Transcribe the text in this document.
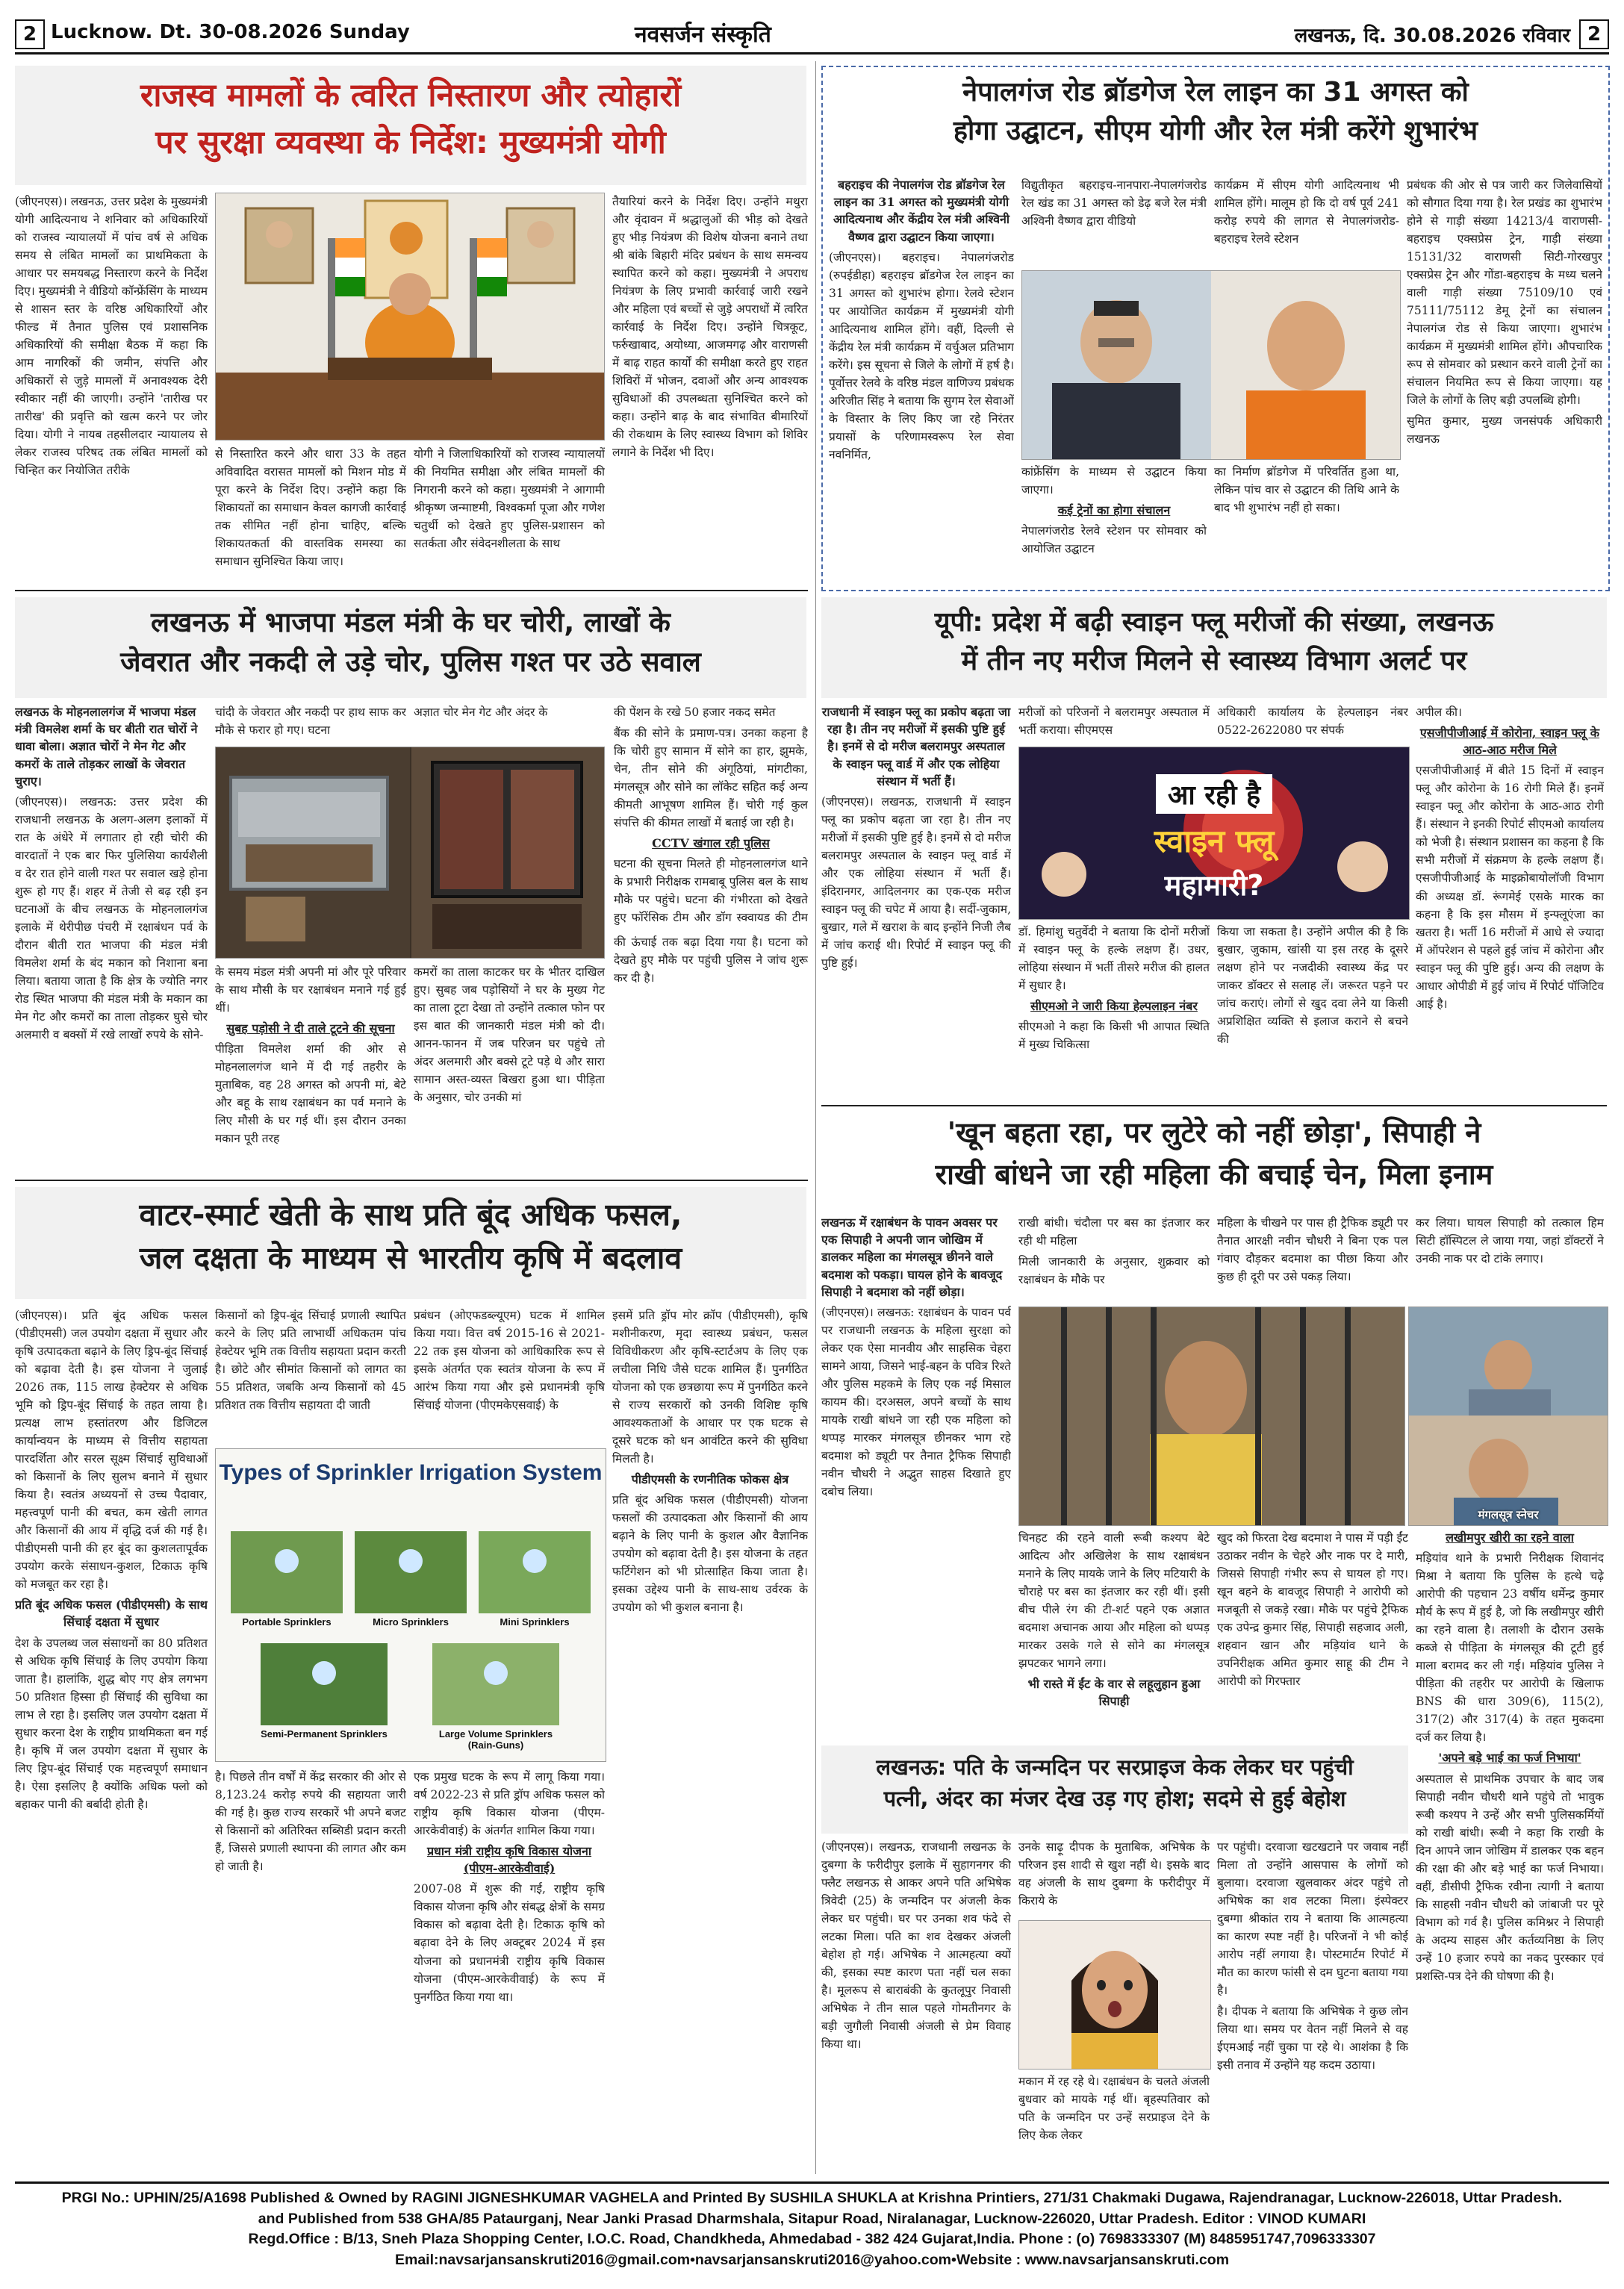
2 Lucknow. Dt. 30-08.2026 Sunday	नवसर्जन संस्कृति	लखनऊ, दि. 30.08.2026 रविवार 2
राजस्व मामलों के त्वरित निस्तारण और त्योहारों
पर सुरक्षा व्यवस्था के निर्देश: मुख्यमंत्री योगी

(जीएनएस)। लखनऊ, उत्तर प्रदेश के मुख्यमंत्री योगी आदित्यनाथ ने शनिवार को अधिकारियों को राजस्व न्यायालयों में पांच वर्ष से अधिक समय से लंबित मामलों का प्राथमिकता के आधार पर समयबद्ध निस्तारण करने के निर्देश दिए। मुख्यमंत्री ने वीडियो कॉन्फ्रेंसिंग के माध्यम से शासन स्तर के वरिष्ठ अधिकारियों और फील्ड में तैनात पुलिस एवं प्रशासनिक अधिकारियों की समीक्षा बैठक में कहा कि आम नागरिकों की जमीन, संपत्ति और अधिकारों से जुड़े मामलों में अनावश्यक देरी स्वीकार नहीं की जाएगी। उन्होंने 'तारीख पर तारीख' की प्रवृत्ति को खत्म करने पर जोर दिया। योगी ने नायब तहसीलदार न्यायालय से लेकर राजस्व परिषद तक लंबित मामलों को चिन्हित कर नियोजित तरीके

से निस्तारित करने और धारा 33 के तहत अविवादित वरासत मामलों को मिशन मोड में पूरा करने के निर्देश दिए। उन्होंने कहा कि शिकायतों का समाधान केवल कागजी कार्रवाई तक सीमित नहीं होना चाहिए, बल्कि शिकायतकर्ता की वास्तविक समस्या का समाधान सुनिश्चित किया जाए।

योगी ने जिलाधिकारियों को राजस्व न्यायालयों की नियमित समीक्षा और लंबित मामलों की निगरानी करने को कहा। मुख्यमंत्री ने आगामी श्रीकृष्ण जन्माष्टमी, विश्वकर्मा पूजा और गणेश चतुर्थी को देखते हुए पुलिस-प्रशासन को सतर्कता और संवेदनशीलता के साथ

तैयारियां करने के निर्देश दिए। उन्होंने मथुरा और वृंदावन में श्रद्धालुओं की भीड़ को देखते हुए भीड़ नियंत्रण की विशेष योजना बनाने तथा श्री बांके बिहारी मंदिर प्रबंधन के साथ समन्वय स्थापित करने को कहा। मुख्यमंत्री ने अपराध नियंत्रण के लिए प्रभावी कार्रवाई जारी रखने और महिला एवं बच्चों से जुड़े अपराधों में त्वरित कार्रवाई के निर्देश दिए। उन्होंने चित्रकूट, फर्रुखाबाद, अयोध्या, आजमगढ़ और वाराणसी में बाढ़ राहत कार्यों की समीक्षा करते हुए राहत शिविरों में भोजन, दवाओं और अन्य आवश्यक सुविधाओं की उपलब्धता सुनिश्चित करने को कहा। उन्होंने बाढ़ के बाद संभावित बीमारियों की रोकथाम के लिए स्वास्थ्य विभाग को शिविर लगाने के निर्देश भी दिए।

लखनऊ में भाजपा मंडल मंत्री के घर चोरी, लाखों के
जेवरात और नकदी ले उड़े चोर, पुलिस गश्त पर उठे सवाल

लखनऊ के मोहनलालगंज में भाजपा मंडल मंत्री विमलेश शर्मा के घर बीती रात चोरों ने धावा बोला। अज्ञात चोरों ने मेन गेट और कमरों के ताले तोड़कर लाखों के जेवरात चुराए।

(जीएनएस)। लखनऊ: उत्तर प्रदेश की राजधानी लखनऊ के अलग-अलग इलाकों में रात के अंधेरे में लगातार हो रही चोरी की वारदातों ने एक बार फिर पुलिसिया कार्यशैली व देर रात होने वाली गश्त पर सवाल खड़े होना शुरू हो गए हैं। शहर में तेजी से बढ़ रही इन घटनाओं के बीच लखनऊ के मोहनलालगंज इलाके में थेरीपीछ पंचरी में रक्षाबंधन पर्व के दौरान बीती रात भाजपा की मंडल मंत्री विमलेश शर्मा के बंद मकान को निशाना बना लिया। बताया जाता है कि क्षेत्र के ज्योति नगर रोड स्थित भाजपा की मंडल मंत्री के मकान का मेन गेट और कमरों का ताला तोड़कर घुसे चोर अलमारी व बक्सों में रखे लाखों रुपये के सोने-

चांदी के जेवरात और नकदी पर हाथ साफ कर मौके से फरार हो गए। घटना

अज्ञात चोर मेन गेट और अंदर के	की पेंशन के रखे 50 हजार नकद समेत

बैंक की सोने के प्रमाण-पत्र। उनका कहना है कि चोरी हुए सामान में सोने का हार, झुमके, चेन, तीन सोने की अंगूठियां, मांगटीका, मंगलसूत्र और सोने का लॉकेट सहित कई अन्य कीमती आभूषण शामिल हैं। चोरी गई कुल संपत्ति की कीमत लाखों में बताई जा रही है।

CCTV खंगाल रही पुलिस

घटना की सूचना मिलते ही मोहनलालगंज थाने के प्रभारी निरीक्षक रामबाबू पुलिस बल के साथ मौके पर पहुंचे। घटना की गंभीरता को देखते हुए फॉरेंसिक टीम और डॉग स्क्वायड की टीम

के समय मंडल मंत्री अपनी मां और पूरे परिवार के साथ मौसी के घर रक्षाबंधन मनाने गई हुई थीं।

सुबह पड़ोसी ने दी ताले टूटने की सूचना

पीड़िता विमलेश शर्मा की ओर से मोहनलालगंज थाने में दी गई तहरीर के मुताबिक, वह 28 अगस्त को अपनी मां, बेटे और बहू के साथ रक्षाबंधन का पर्व मनाने के लिए मौसी के घर गई थीं। इस दौरान उनका मकान पूरी तरह

कमरों का ताला काटकर घर के भीतर दाखिल हुए। सुबह जब पड़ोसियों ने घर के मुख्य गेट का ताला टूटा देखा तो उन्होंने तत्काल फोन पर इस बात की जानकारी मंडल मंत्री को दी। आनन-फानन में जब परिजन घर पहुंचे तो अंदर अलमारी और बक्से टूटे पड़े थे और सारा सामान अस्त-व्यस्त बिखरा हुआ था। पीड़िता के अनुसार, चोर उनकी मां

की ऊंचाई तक बढ़ा दिया गया है। घटना को देखते हुए मौके पर पहुंची पुलिस ने जांच शुरू कर दी है।

वाटर-स्मार्ट खेती के साथ प्रति बूंद अधिक फसल,
जल दक्षता के माध्यम से भारतीय कृषि में बदलाव

(जीएनएस)। प्रति बूंद अधिक फसल (पीडीएमसी) जल उपयोग दक्षता में सुधार और कृषि उत्पादकता बढ़ाने के लिए ड्रिप-बूंद सिंचाई को बढ़ावा देती है। इस योजना ने जुलाई 2026 तक, 115 लाख हेक्टेयर से अधिक भूमि को ड्रिप-बूंद सिंचाई के तहत लाया है। प्रत्यक्ष लाभ हस्तांतरण और डिजिटल कार्यान्वयन के माध्यम से वित्तीय सहायता पारदर्शिता और सरल सूक्ष्म सिंचाई सुविधाओं को किसानों के लिए सुलभ बनाने में सुधार किया है। स्वतंत्र अध्ययनों से उच्च पैदावार, महत्त्वपूर्ण पानी की बचत, कम खेती लागत और किसानों की आय में वृद्धि दर्ज की गई है। पीडीएमसी पानी की हर बूंद का कुशलतापूर्वक उपयोग करके संसाधन-कुशल, टिकाऊ कृषि को मजबूत कर रहा है।

प्रति बूंद अधिक फसल (पीडीएमसी) के साथ सिंचाई दक्षता में सुधार

देश के उपलब्ध जल संसाधनों का 80 प्रतिशत से अधिक कृषि सिंचाई के लिए उपयोग किया जाता है। हालांकि, शुद्ध बोए गए क्षेत्र लगभग 50 प्रतिशत हिस्सा ही सिंचाई की सुविधा का लाभ ले रहा है। इसलिए जल उपयोग दक्षता में सुधार करना देश के राष्ट्रीय प्राथमिकता बन गई है। कृषि में जल उपयोग दक्षता में सुधार के लिए ड्रिप-बूंद सिंचाई एक महत्त्वपूर्ण समाधान है। ऐसा इसलिए है क्योंकि अधिक फ्लो को बहाकर पानी की बर्बादी होती है।

किसानों को ड्रिप-बूंद सिंचाई प्रणाली स्थापित करने के लिए प्रति लाभार्थी अधिकतम पांच हेक्टेयर भूमि तक वित्तीय सहायता प्रदान करती है। छोटे और सीमांत किसानों को लागत का 55 प्रतिशत, जबकि अन्य किसानों को 45 प्रतिशत तक वित्तीय सहायता दी जाती

प्रबंधन (ओएफडब्ल्यूएम) घटक में शामिल किया गया। वित्त वर्ष 2015-16 से 2021-22 तक इस योजना को आधिकारिक रूप से इसके अंतर्गत एक स्वतंत्र योजना के रूप में आरंभ किया गया और इसे प्रधानमंत्री कृषि सिंचाई योजना (पीएमकेएसवाई) के

Types of Sprinkler Irrigation System
Portable Sprinklers	Micro Sprinklers	Mini Sprinklers
Semi-Permanent Sprinklers	Large Volume Sprinklers (Rain-Guns)

इसमें प्रति ड्रॉप मोर क्रॉप (पीडीएमसी), कृषि मशीनीकरण, मृदा स्वास्थ्य प्रबंधन, फसल विविधीकरण और कृषि-स्टार्टअप के लिए एक लचीला निधि जैसे घटक शामिल हैं। पुनर्गठित योजना को एक छत्रछाया रूप में पुनर्गठित करने से राज्य सरकारों को उनकी विशिष्ट कृषि आवश्यकताओं के आधार पर एक घटक से दूसरे घटक को धन आवंटित करने की सुविधा मिलती है।

पीडीएमसी के रणनीतिक फोकस क्षेत्र

प्रति बूंद अधिक फसल (पीडीएमसी) योजना फसलों की उत्पादकता और किसानों की आय बढ़ाने के लिए पानी के कुशल और वैज्ञानिक उपयोग को बढ़ावा देती है। इस योजना के तहत फर्टिगेशन को भी प्रोत्साहित किया जाता है। इसका उद्देश्य पानी के साथ-साथ उर्वरक के उपयोग को भी कुशल बनाना है।

है। पिछले तीन वर्षों में केंद्र सरकार की ओर से 8,123.24 करोड़ रुपये की सहायता जारी की गई है। कुछ राज्य सरकारें भी अपने बजट से किसानों को अतिरिक्त सब्सिडी प्रदान करती हैं, जिससे प्रणाली स्थापना की लागत और कम हो जाती है।

एक प्रमुख घटक के रूप में लागू किया गया। वर्ष 2022-23 से प्रति ड्रॉप अधिक फसल को राष्ट्रीय कृषि विकास योजना (पीएम-आरकेवीवाई) के अंतर्गत शामिल किया गया।

प्रधान मंत्री राष्ट्रीय कृषि विकास योजना (पीएम-आरकेवीवाई)

2007-08 में शुरू की गई, राष्ट्रीय कृषि विकास योजना कृषि और संबद्ध क्षेत्रों के समग्र विकास को बढ़ावा देती है। टिकाऊ कृषि को बढ़ावा देने के लिए अक्टूबर 2024 में इस योजना को प्रधानमंत्री राष्ट्रीय कृषि विकास योजना (पीएम-आरकेवीवाई) के रूप में पुनर्गठित किया गया था।

नेपालगंज रोड ब्रॉडगेज रेल लाइन का 31 अगस्त को
होगा उद्घाटन, सीएम योगी और रेल मंत्री करेंगे शुभारंभ

बहराइच की नेपालगंज रोड ब्रॉडगेज रेल लाइन का 31 अगस्त को मुख्यमंत्री योगी आदित्यनाथ और केंद्रीय रेल मंत्री अश्विनी वैष्णव द्वारा उद्घाटन किया जाएगा।

(जीएनएस)। बहराइच। नेपालगंजरोड (रुपईडीहा) बहराइच ब्रॉडगेज रेल लाइन का 31 अगस्त को शुभारंभ होगा। रेलवे स्टेशन पर आयोजित कार्यक्रम में मुख्यमंत्री योगी आदित्यनाथ शामिल होंगे। वहीं, दिल्ली से केंद्रीय रेल मंत्री कार्यक्रम में वर्चुअल प्रतिभाग करेंगे। इस सूचना से जिले के लोगों में हर्ष है। पूर्वोत्तर रेलवे के वरिष्ठ मंडल वाणिज्य प्रबंधक अरिजीत सिंह ने बताया कि सुगम रेल सेवाओं के विस्तार के लिए किए जा रहे निरंतर प्रयासों के परिणामस्वरूप रेल सेवा नवनिर्मित,

विद्युतीकृत बहराइच-नानपारा-नेपालगंजरोड रेल खंड का 31 अगस्त को डेढ़ बजे रेल मंत्री अश्विनी वैष्णव द्वारा वीडियो

कार्यक्रम में सीएम योगी आदित्यनाथ भी शामिल होंगे। मालूम हो कि दो वर्ष पूर्व 241 करोड़ रुपये की लागत से नेपालगंजरोड-बहराइच रेलवे स्टेशन

कांफ्रेंसिंग के माध्यम से उद्घाटन किया जाएगा।

कई ट्रेनों का होगा संचालन

नेपालगंजरोड रेलवे स्टेशन पर सोमवार को आयोजित उद्घाटन

का निर्माण ब्रॉडगेज में परिवर्तित हुआ था, लेकिन पांच वार से उद्घाटन की तिथि आने के बाद भी शुभारंभ नहीं हो सका।

प्रबंधक की ओर से पत्र जारी कर जिलेवासियों को सौगात दिया गया है। रेल प्रखंड का शुभारंभ होने से गाड़ी संख्या 14213/4 वाराणसी-बहराइच एक्सप्रेस ट्रेन, गाड़ी संख्या 15131/32 वाराणसी सिटी-गोरखपुर एक्सप्रेस ट्रेन और गोंडा-बहराइच के मध्य चलने वाली गाड़ी संख्या 75109/10 एवं 75111/75112 डेमू ट्रेनों का संचालन नेपालगंज रोड से किया जाएगा। शुभारंभ कार्यक्रम में मुख्यमंत्री शामिल होंगे। औपचारिक रूप से सोमवार को प्रस्थान करने वाली ट्रेनों का संचालन नियमित रूप से किया जाएगा। यह जिले के लोगों के लिए बड़ी उपलब्धि होगी।

सुमित कुमार, मुख्य जनसंपर्क अधिकारी लखनऊ

यूपी: प्रदेश में बढ़ी स्वाइन फ्लू मरीजों की संख्या, लखनऊ
में तीन नए मरीज मिलने से स्वास्थ्य विभाग अलर्ट पर

राजधानी में स्वाइन फ्लू का प्रकोप बढ़ता जा रहा है। तीन नए मरीजों में इसकी पुष्टि हुई है। इनमें से दो मरीज बलरामपुर अस्पताल के स्वाइन फ्लू वार्ड में और एक लोहिया संस्थान में भर्ती हैं।

(जीएनएस)। लखनऊ, राजधानी में स्वाइन फ्लू का प्रकोप बढ़ता जा रहा है। तीन नए मरीजों में इसकी पुष्टि हुई है। इनमें से दो मरीज बलरामपुर अस्पताल के स्वाइन फ्लू वार्ड में और एक लोहिया संस्थान में भर्ती हैं। इंदिरानगर, आदिलनगर का एक-एक मरीज स्वाइन फ्लू की चपेट में आया है। सर्दी-जुकाम, बुखार, गले में खराश के बाद इन्होंने निजी लैब में जांच कराई थी। रिपोर्ट में स्वाइन फ्लू की पुष्टि हुई।

मरीजों को परिजनों ने बलरामपुर अस्पताल में भर्ती कराया। सीएमएस

अधिकारी कार्यालय के हेल्पलाइन नंबर 0522-2622080 पर संपर्क

आ रही है
स्वाइन फ्लू
महामारी?

डॉ. हिमांशु चतुर्वेदी ने बताया कि दोनों मरीजों में स्वाइन फ्लू के हल्के लक्षण हैं। उधर, लोहिया संस्थान में भर्ती तीसरे मरीज की हालत में सुधार है।

सीएमओ ने जारी किया हेल्पलाइन नंबर

सीएमओ ने कहा कि किसी भी आपात स्थिति में मुख्य चिकित्सा

किया जा सकता है। उन्होंने अपील की है कि बुखार, जुकाम, खांसी या इस तरह के दूसरे लक्षण होने पर नजदीकी स्वास्थ्य केंद्र पर जाकर डॉक्टर से सलाह लें। जरूरत पड़ने पर जांच कराएं। लोगों से खुद दवा लेने या किसी अप्रशिक्षित व्यक्ति से इलाज कराने से बचने की

अपील की।

एसजीपीजीआई में कोरोना, स्वाइन फ्लू के आठ-आठ मरीज मिले

एसजीपीजीआई में बीते 15 दिनों में स्वाइन फ्लू और कोरोना के 16 रोगी मिले हैं। इनमें स्वाइन फ्लू और कोरोना के आठ-आठ रोगी हैं। संस्थान ने इनकी रिपोर्ट सीएमओ कार्यालय को भेजी है। संस्थान प्रशासन का कहना है कि सभी मरीजों में संक्रमण के हल्के लक्षण हैं। एसजीपीजीआई के माइक्रोबायोलॉजी विभाग की अध्यक्ष डॉ. रूंगमेई एसके मारक का कहना है कि इस मौसम में इन्फ्लूएंजा का खतरा है। भर्ती 16 मरीजों में आधे से ज्यादा में ऑपरेशन से पहले हुई जांच में कोरोना और स्वाइन फ्लू की पुष्टि हुई। अन्य की लक्षण के आधार ओपीडी में हुई जांच में रिपोर्ट पॉजिटिव आई है।

'खून बहता रहा, पर लुटेरे को नहीं छोड़ा', सिपाही ने
राखी बांधने जा रही महिला की बचाई चेन, मिला इनाम

लखनऊ में रक्षाबंधन के पावन अवसर पर एक सिपाही ने अपनी जान जोखिम में डालकर महिला का मंगलसूत्र छीनने वाले बदमाश को पकड़ा। घायल होने के बावजूद सिपाही ने बदमाश को नहीं छोड़ा।

(जीएनएस)। लखनऊ: रक्षाबंधन के पावन पर्व पर राजधानी लखनऊ के महिला सुरक्षा को लेकर एक ऐसा मानवीय और साहसिक चेहरा सामने आया, जिसने भाई-बहन के पवित्र रिश्ते और पुलिस महकमे के लिए एक नई मिसाल कायम की। दरअसल, अपने बच्चों के साथ मायके राखी बांधने जा रही एक महिला को थप्पड़ मारकर मंगलसूत्र छीनकर भाग रहे बदमाश को ड्यूटी पर तैनात ट्रैफिक सिपाही नवीन चौधरी ने अद्भुत साहस दिखाते हुए दबोच लिया।

राखी बांधी। चंदौला पर बस का इंतजार कर रही थी महिला

मिली जानकारी के अनुसार, शुक्रवार को रक्षाबंधन के मौके पर

महिला के चीखने पर पास ही ट्रैफिक ड्यूटी पर तैनात आरक्षी नवीन चौधरी ने बिना एक पल गंवाए दौड़कर बदमाश का पीछा किया और कुछ ही दूरी पर उसे पकड़ लिया।

कर लिया। घायल सिपाही को तत्काल हिम सिटी हॉस्पिटल ले जाया गया, जहां डॉक्टरों ने उनकी नाक पर दो टांके लगाए।

मंगलसूत्र स्नेचर

चिनहट की रहने वाली रूबी कश्यप बेटे आदित्य और अखिलेश के साथ रक्षाबंधन मनाने के लिए मायके जाने के लिए मटियारी के चौराहे पर बस का इंतजार कर रही थीं। इसी बीच पीले रंग की टी-शर्ट पहने एक अज्ञात बदमाश अचानक आया और महिला को थप्पड़ मारकर उसके गले से सोने का मंगलसूत्र झपटकर भागने लगा।

भी रास्ते में ईंट के वार से लहूलुहान हुआ सिपाही

खुद को फिरता देख बदमाश ने पास में पड़ी ईंट उठाकर नवीन के चेहरे और नाक पर दे मारी, जिससे सिपाही गंभीर रूप से घायल हो गए। खून बहने के बावजूद सिपाही ने आरोपी को मजबूती से जकड़े रखा। मौके पर पहुंचे ट्रैफिक एक उपेन्द्र कुमार सिंह, सिपाही सहजाद अली, शहवान खान और मड़ियांव थाने के उपनिरीक्षक अमित कुमार साहू की टीम ने आरोपी को गिरफ्तार

लखीमपुर खीरी का रहने वाला

मड़ियांव थाने के प्रभारी निरीक्षक शिवानंद मिश्रा ने बताया कि पुलिस के हत्थे चढ़े आरोपी की पहचान 23 वर्षीय धर्मेन्द्र कुमार मौर्य के रूप में हुई है, जो कि लखीमपुर खीरी का रहने वाला है। तलाशी के दौरान उसके कब्जे से पीड़िता के मंगलसूत्र की टूटी हुई माला बरामद कर ली गई। मड़ियांव पुलिस ने पीड़िता की तहरीर पर आरोपी के खिलाफ BNS की धारा 309(6), 115(2), 317(2) और 317(4) के तहत मुकदमा दर्ज कर लिया है।

'अपने बड़े भाई का फर्ज निभाया'

अस्पताल से प्राथमिक उपचार के बाद जब सिपाही नवीन चौधरी थाने पहुंचे तो भावुक रूबी कश्यप ने उन्हें और सभी पुलिसकर्मियों को राखी बांधी। रूबी ने कहा कि राखी के दिन आपने जान जोखिम में डालकर एक बहन की रक्षा की और बड़े भाई का फर्ज निभाया। वहीं, डीसीपी ट्रैफिक रवीना त्यागी ने बताया कि साहसी नवीन चौधरी को जांबाजी पर पूरे विभाग को गर्व है। पुलिस कमिश्नर ने सिपाही के अदम्य साहस और कर्तव्यनिष्ठा के लिए उन्हें 10 हजार रुपये का नकद पुरस्कार एवं प्रशस्ति-पत्र देने की घोषणा की है।

लखनऊ: पति के जन्मदिन पर सरप्राइज केक लेकर घर पहुंची
पत्नी, अंदर का मंजर देख उड़ गए होश; सदमे से हुई बेहोश

(जीएनएस)। लखनऊ, राजधानी लखनऊ के दुबग्गा के फरीदीपुर इलाके में सुहागनगर की फ्लैट लखनऊ से आकर अपने पति अभिषेक त्रिवेदी (25) के जन्मदिन पर अंजली केक लेकर घर पहुंची। घर पर उनका शव फंदे से लटका मिला। पति का शव देखकर अंजली बेहोश हो गई। अभिषेक ने आत्महत्या क्यों की, इसका स्पष्ट कारण पता नहीं चल सका है। मूलरूप से बाराबंकी के कुतलूपुर निवासी अभिषेक ने तीन साल पहले गोमतीनगर के बड़ी जुगौली निवासी अंजली से प्रेम विवाह किया था।

उनके साढ़ू दीपक के मुताबिक, अभिषेक के परिजन इस शादी से खुश नहीं थे। इसके बाद वह अंजली के साथ दुबग्गा के फरीदीपुर में किराये के

मकान में रह रहे थे। रक्षाबंधन के चलते अंजली बुधवार को मायके गई थीं। बृहस्पतिवार को पति के जन्मदिन पर उन्हें सरप्राइज देने के लिए केक लेकर

पर पहुंची। दरवाजा खटखटाने पर जवाब नहीं मिला तो उन्होंने आसपास के लोगों को बुलाया। दरवाजा खुलवाकर अंदर पहुंचे तो अभिषेक का शव लटका मिला। इंस्पेक्टर दुबग्गा श्रीकांत राय ने बताया कि आत्महत्या का कारण स्पष्ट नहीं है। परिजनों ने भी कोई आरोप नहीं लगाया है। पोस्टमार्टम रिपोर्ट में मौत का कारण फांसी से दम घुटना बताया गया है।

है। दीपक ने बताया कि अभिषेक ने कुछ लोन लिया था। समय पर वेतन नहीं मिलने से वह ईएमआई नहीं चुका पा रहे थे। आशंका है कि इसी तनाव में उन्होंने यह कदम उठाया।

PRGI No.: UPHIN/25/A1698 Published & Owned by RAGINI JIGNESHKUMAR VAGHELA and Printed By SUSHILA SHUKLA at Krishna Printiers, 271/31 Chakmaki Dugawa, Rajendranagar, Lucknow-226018, Uttar Pradesh.
and Published from 538 GHA/85 Pataurganj, Near Janki Prasad Dharmshala, Sitapur Road, Niralanagar, Lucknow-226020, Uttar Pradesh. Editor : VINOD KUMARI
Regd.Office : B/13, Sneh Plaza Shopping Center, I.O.C. Road, Chandkheda, Ahmedabad - 382 424 Gujarat,India. Phone : (o) 7698333307 (M) 8485951747,7096333307
Email:navsarjansanskruti2016@gmail.com•navsarjansanskruti2016@yahoo.com•Website : www.navsarjansanskruti.com
